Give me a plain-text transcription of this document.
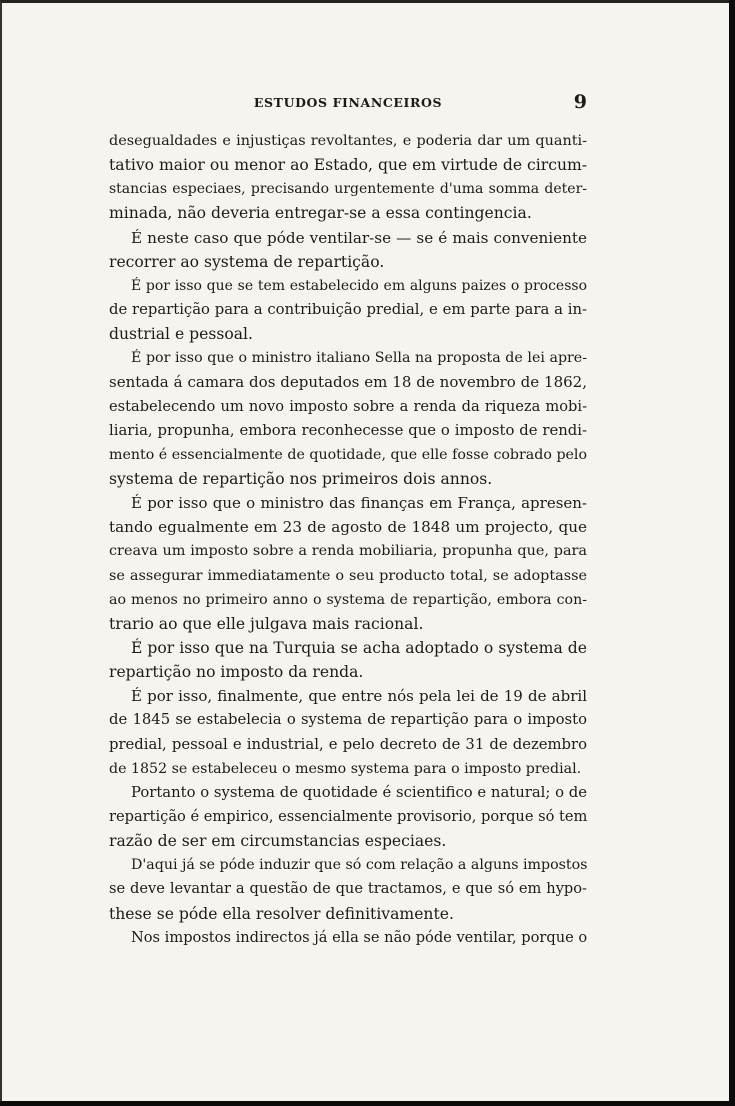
ESTUDOS FINANCEIROS	9
desegualdades e injustiças revoltantes, e poderia dar um quanti-
tativo maior ou menor ao Estado, que em virtude de circum-
stancias especiaes, precisando urgentemente d'uma somma deter-
minada, não deveria entregar-se a essa contingencia.
É neste caso que póde ventilar-se — se é mais conveniente
recorrer ao systema de repartição.
É por isso que se tem estabelecido em alguns paizes o processo
de repartição para a contribuição predial, e em parte para a in-
dustrial e pessoal.
É por isso que o ministro italiano Sella na proposta de lei apre-
sentada á camara dos deputados em 18 de novembro de 1862,
estabelecendo um novo imposto sobre a renda da riqueza mobi-
liaria, propunha, embora reconhecesse que o imposto de rendi-
mento é essencialmente de quotidade, que elle fosse cobrado pelo
systema de repartição nos primeiros dois annos.
É por isso que o ministro das finanças em França, apresen-
tando egualmente em 23 de agosto de 1848 um projecto, que
creava um imposto sobre a renda mobiliaria, propunha que, para
se assegurar immediatamente o seu producto total, se adoptasse
ao menos no primeiro anno o systema de repartição, embora con-
trario ao que elle julgava mais racional.
É por isso que na Turquia se acha adoptado o systema de
repartição no imposto da renda.
É por isso, finalmente, que entre nós pela lei de 19 de abril
de 1845 se estabelecia o systema de repartição para o imposto
predial, pessoal e industrial, e pelo decreto de 31 de dezembro
de 1852 se estabeleceu o mesmo systema para o imposto predial.
Portanto o systema de quotidade é scientifico e natural; o de
repartição é empirico, essencialmente provisorio, porque só tem
razão de ser em circumstancias especiaes.
D'aqui já se póde induzir que só com relação a alguns impostos
se deve levantar a questão de que tractamos, e que só em hypo-
these se póde ella resolver definitivamente.
Nos impostos indirectos já ella se não póde ventilar, porque o
